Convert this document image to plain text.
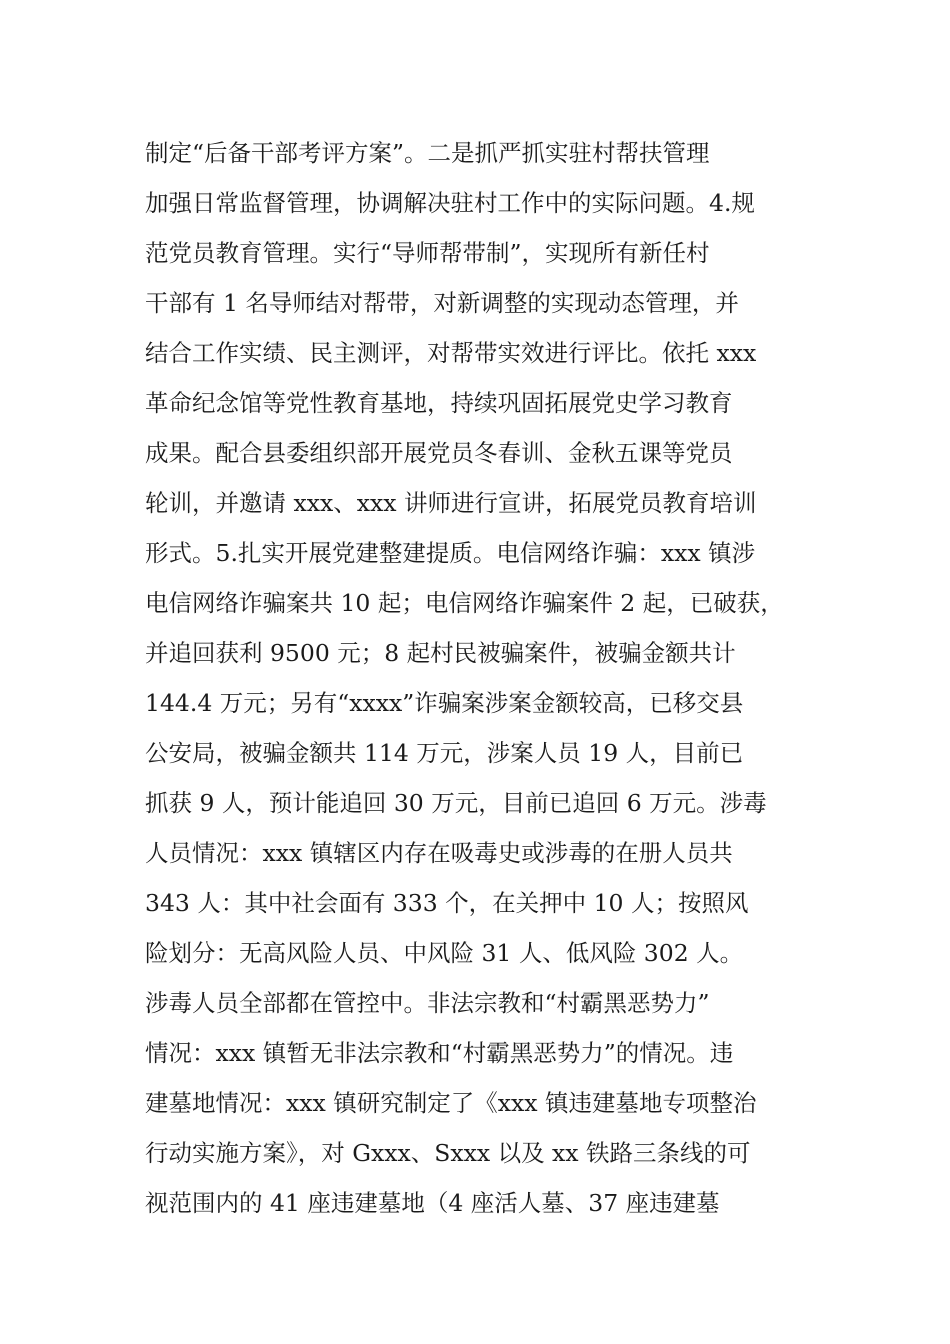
制定“后备干部考评方案”。二是抓严抓实驻村帮扶管理
加强日常监督管理，协调解决驻村工作中的实际问题。4.规
范党员教育管理。实行“导师帮带制”，实现所有新任村
干部有 1 名导师结对帮带，对新调整的实现动态管理，并
结合工作实绩、民主测评，对帮带实效进行评比。依托 xxx
革命纪念馆等党性教育基地，持续巩固拓展党史学习教育
成果。配合县委组织部开展党员冬春训、金秋五课等党员
轮训，并邀请 xxx、xxx 讲师进行宣讲，拓展党员教育培训
形式。5.扎实开展党建整建提质。电信网络诈骗：xxx 镇涉
电信网络诈骗案共 10 起；电信网络诈骗案件 2 起，已破获，
并追回获利 9500 元；8 起村民被骗案件，被骗金额共计
144.4 万元；另有“xxxx”诈骗案涉案金额较高，已移交县
公安局，被骗金额共 114 万元，涉案人员 19 人，目前已
抓获 9 人，预计能追回 30 万元，目前已追回 6 万元。涉毒
人员情况：xxx 镇辖区内存在吸毒史或涉毒的在册人员共
343 人：其中社会面有 333 个，在关押中 10 人；按照风
险划分：无高风险人员、中风险 31 人、低风险 302 人。
涉毒人员全部都在管控中。非法宗教和“村霸黑恶势力”
情况：xxx 镇暂无非法宗教和“村霸黑恶势力”的情况。违
建墓地情况：xxx 镇研究制定了《xxx 镇违建墓地专项整治
行动实施方案》，对 Gxxx、Sxxx 以及 xx 铁路三条线的可
视范围内的 41 座违建墓地（4 座活人墓、37 座违建墓
